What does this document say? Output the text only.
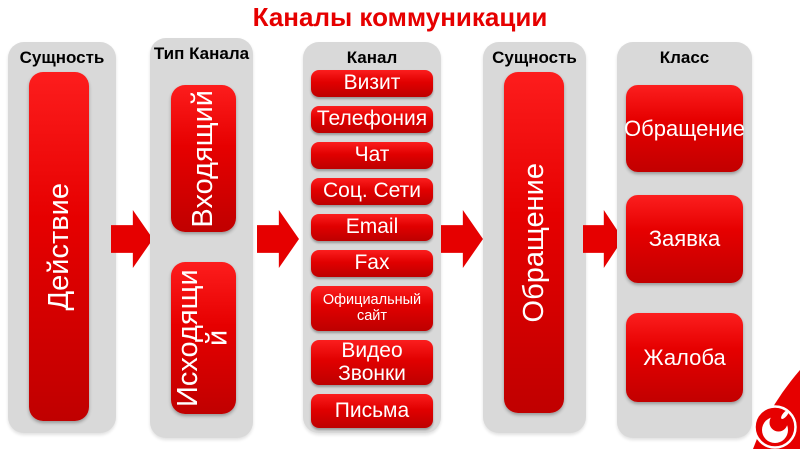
Каналы коммуникации
Сущность
Действие
Тип Канала
Входящий
Исходящий
Канал
Визит
Телефония
Чат
Соц. Сети
Email
Fax
Официальный сайт
Видео Звонки
Письма
Сущность
Обращение
Класс
Обращение
Заявка
Жалоба
